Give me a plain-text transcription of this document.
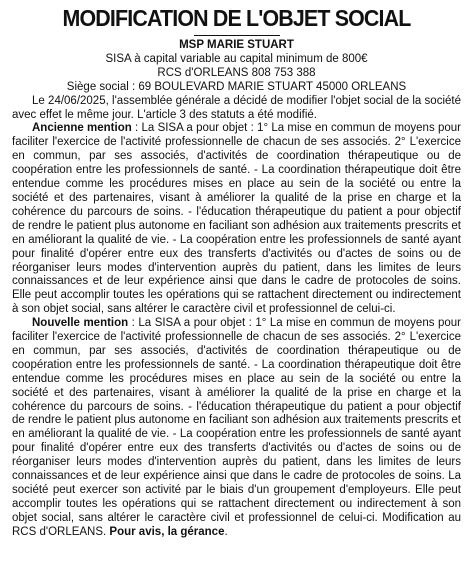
MODIFICATION DE L'OBJET SOCIAL
MSP MARIE STUART
SISA à capital variable au capital minimum de 800€
RCS d'ORLEANS 808 753 388
Siège social : 69 BOULEVARD MARIE STUART 45000 ORLEANS

Le 24/06/2025, l'assemblée générale a décidé de modifier l'objet social de la société avec effet le même jour. L'article 3 des statuts a été modifié.

Ancienne mention : La SISA a pour objet : 1° La mise en commun de moyens pour faciliter l'exercice de l'activité professionnelle de chacun de ses associés. 2° L'exercice en commun, par ses associés, d'activités de coordination thérapeutique ou de coopération entre les professionnels de santé. - La coordination thérapeutique doit être entendue comme les procédures mises en place au sein de la société ou entre la société et des partenaires, visant à améliorer la qualité de la prise en charge et la cohérence du parcours de soins. - l'éducation thérapeutique du patient a pour objectif de rendre le patient plus autonome en faciliant son adhésion aux traitements prescrits et en améliorant la qualité de vie. - La coopération entre les professionnels de santé ayant pour finalité d'opérer entre eux des transferts d'activités ou d'actes de soins ou de réorganiser leurs modes d'intervention auprès du patient, dans les limites de leurs connaissances et de leur expérience ainsi que dans le cadre de protocoles de soins. Elle peut accomplir toutes les opérations qui se rattachent directement ou indirectement à son objet social, sans altérer le caractère civil et professionnel de celui-ci.

Nouvelle mention : La SISA a pour objet : 1° La mise en commun de moyens pour faciliter l'exercice de l'activité professionnelle de chacun de ses associés. 2° L'exercice en commun, par ses associés, d'activités de coordination thérapeutique ou de coopération entre les professionnels de santé. - La coordination thérapeutique doit être entendue comme les procédures mises en place au sein de la société ou entre la société et des partenaires, visant à améliorer la qualité de la prise en charge et la cohérence du parcours de soins. - l'éducation thérapeutique du patient a pour objectif de rendre le patient plus autonome en faciliant son adhésion aux traitements prescrits et en améliorant la qualité de vie. - La coopération entre les professionnels de santé ayant pour finalité d'opérer entre eux des transferts d'activités ou d'actes de soins ou de réorganiser leurs modes d'intervention auprès du patient, dans les limites de leurs connaissances et de leur expérience ainsi que dans le cadre de protocoles de soins. La société peut exercer son activité par le biais d'un groupement d'employeurs. Elle peut accomplir toutes les opérations qui se rattachent directement ou indirectement à son objet social, sans altérer le caractère civil et professionnel de celui-ci. Modification au RCS d'ORLEANS. Pour avis, la gérance.
